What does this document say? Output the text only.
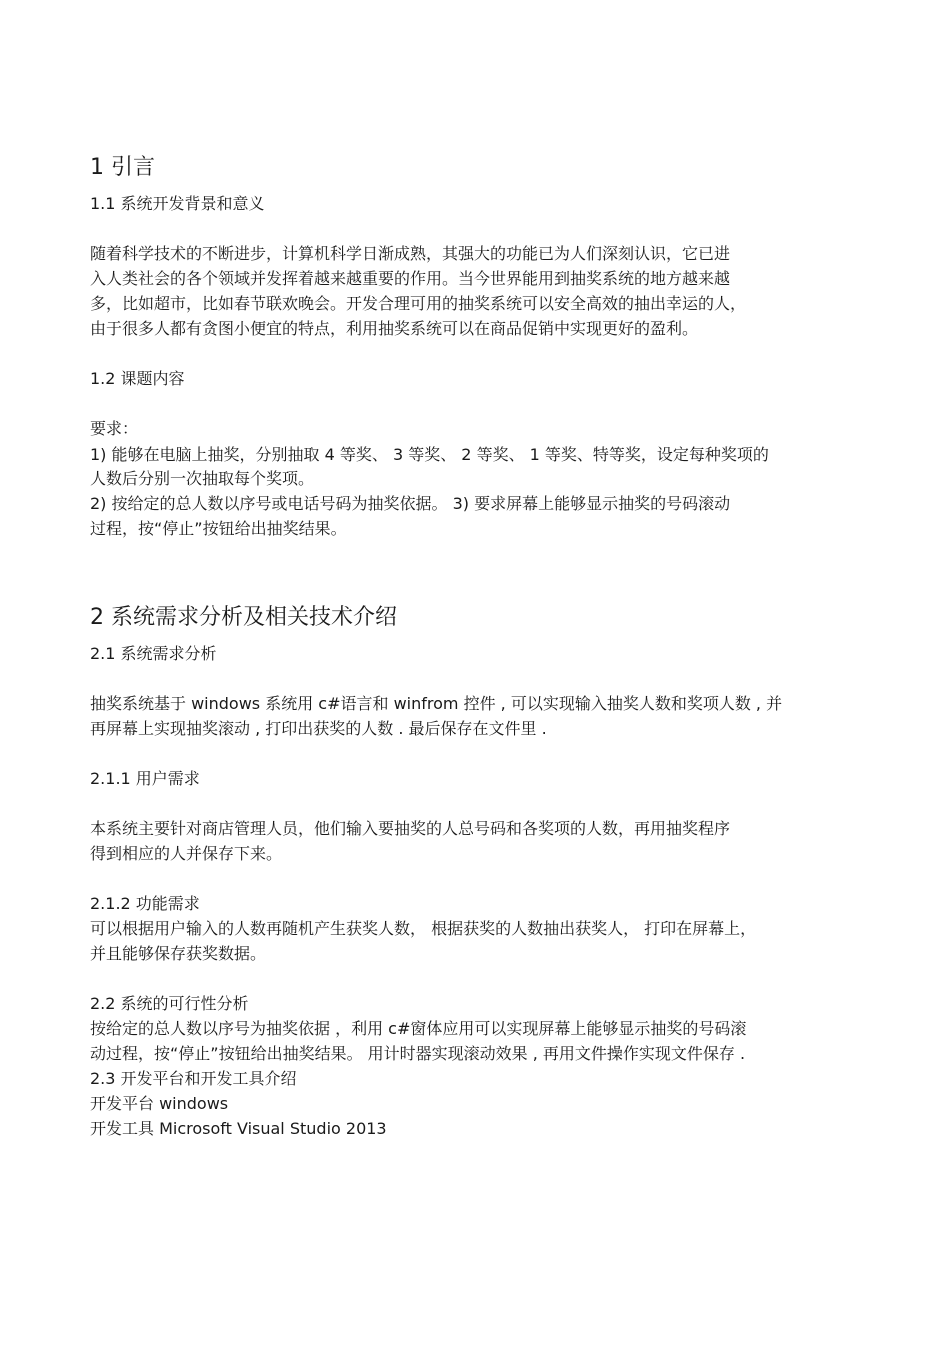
1 引言
1.1 系统开发背景和意义
随着科学技术的不断进步，计算机科学日渐成熟，其强大的功能已为人们深刻认识，它已进
入人类社会的各个领域并发挥着越来越重要的作用。当今世界能用到抽奖系统的地方越来越
多，比如超市，比如春节联欢晚会。开发合理可用的抽奖系统可以安全高效的抽出幸运的人，
由于很多人都有贪图小便宜的特点，利用抽奖系统可以在商品促销中实现更好的盈利。
1.2 课题内容
要求：
1) 能够在电脑上抽奖，分别抽取 4 等奖、 3 等奖、 2 等奖、 1 等奖、特等奖，设定每种奖项的
人数后分别一次抽取每个奖项。
2) 按给定的总人数以序号或电话号码为抽奖依据。 3) 要求屏幕上能够显示抽奖的号码滚动
过程，按“停止”按钮给出抽奖结果。
2 系统需求分析及相关技术介绍
2.1 系统需求分析
抽奖系统基于 windows 系统用 c#语言和 winfrom 控件 , 可以实现输入抽奖人数和奖项人数 , 并
再屏幕上实现抽奖滚动 , 打印出获奖的人数 . 最后保存在文件里 .
2.1.1 用户需求
本系统主要针对商店管理人员，他们输入要抽奖的人总号码和各奖项的人数，再用抽奖程序
得到相应的人并保存下来。
2.1.2 功能需求
可以根据用户输入的人数再随机产生获奖人数， 根据获奖的人数抽出获奖人， 打印在屏幕上，
并且能够保存获奖数据。
2.2 系统的可行性分析
按给定的总人数以序号为抽奖依据 ，利用 c#窗体应用可以实现屏幕上能够显示抽奖的号码滚
动过程，按“停止”按钮给出抽奖结果。 用计时器实现滚动效果 , 再用文件操作实现文件保存 .
2.3 开发平台和开发工具介绍
开发平台 windows
开发工具 Microsoft Visual Studio 2013
